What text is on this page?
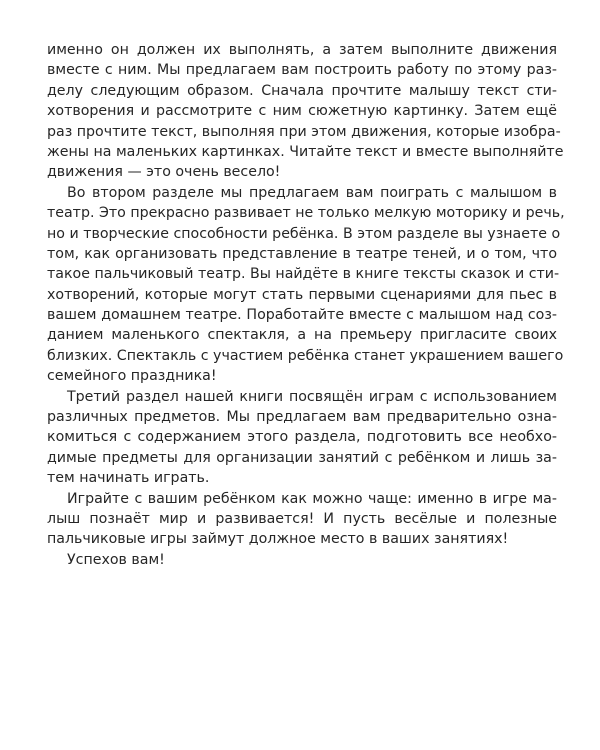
именно он должен их выполнять, а затем выполните движения
вместе с ним. Мы предлагаем вам построить работу по этому раз-
делу следующим образом. Сначала прочтите малышу текст сти-
хотворения и рассмотрите с ним сюжетную картинку. Затем ещё
раз прочтите текст, выполняя при этом движения, которые изобра-
жены на маленьких картинках. Читайте текст и вместе выполняйте
движения — это очень весело!
Во втором разделе мы предлагаем вам поиграть с малышом в
театр. Это прекрасно развивает не только мелкую моторику и речь,
но и творческие способности ребёнка. В этом разделе вы узнаете о
том, как организовать представление в театре теней, и о том, что
такое пальчиковый театр. Вы найдёте в книге тексты сказок и сти-
хотворений, которые могут стать первыми сценариями для пьес в
вашем домашнем театре. Поработайте вместе с малышом над соз-
данием маленького спектакля, а на премьеру пригласите своих
близких. Спектакль с участием ребёнка станет украшением вашего
семейного праздника!
Третий раздел нашей книги посвящён играм с использованием
различных предметов. Мы предлагаем вам предварительно озна-
комиться с содержанием этого раздела, подготовить все необхо-
димые предметы для организации занятий с ребёнком и лишь за-
тем начинать играть.
Играйте с вашим ребёнком как можно чаще: именно в игре ма-
лыш познаёт мир и развивается! И пусть весёлые и полезные
пальчиковые игры займут должное место в ваших занятиях!
Успехов вам!
